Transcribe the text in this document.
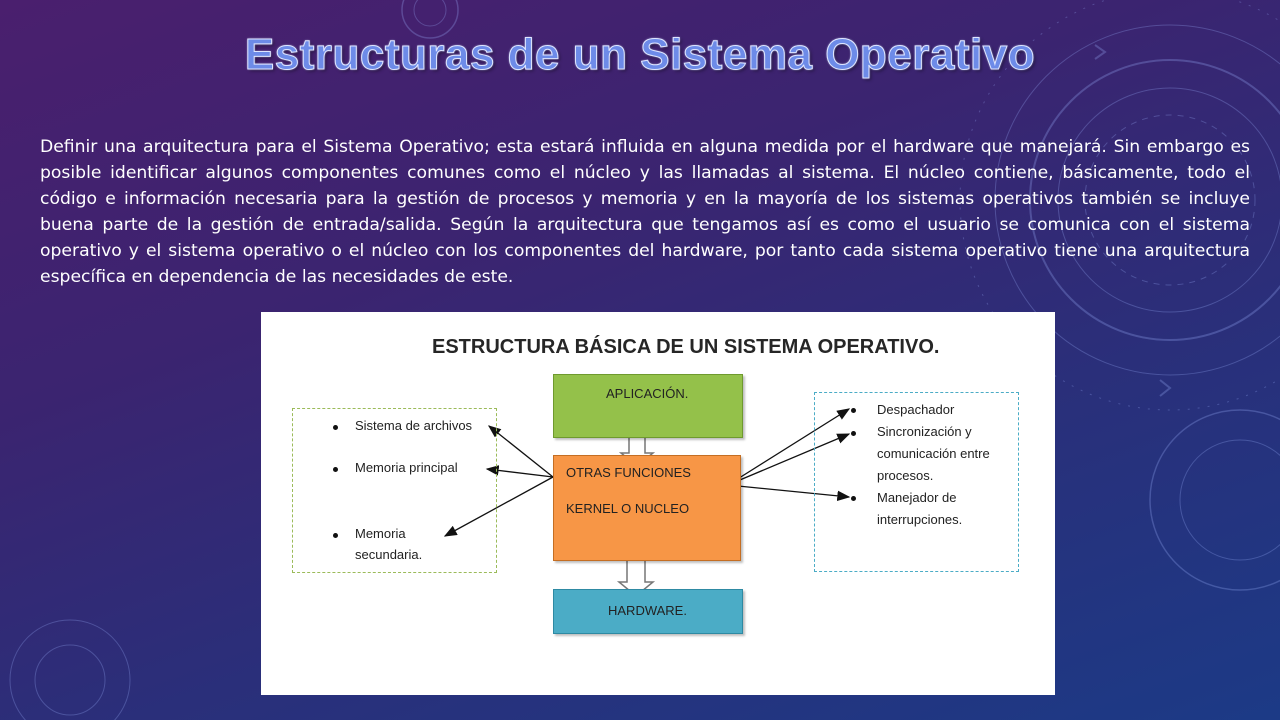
Estructuras de un Sistema Operativo

Definir una arquitectura para el Sistema Operativo; esta estará influida en alguna medida por el hardware que manejará. Sin embargo es posible identificar algunos componentes comunes como el núcleo y las llamadas al sistema. El núcleo contiene, básicamente, todo el código e información necesaria para la gestión de procesos y memoria y en la mayoría de los sistemas operativos también se incluye buena parte de la gestión de entrada/salida. Según la arquitectura que tengamos así es como el usuario se comunica con el sistema operativo y el sistema operativo o el núcleo con los componentes del hardware, por tanto cada sistema operativo tiene una arquitectura específica en dependencia de las necesidades de este.

ESTRUCTURA BÁSICA DE UN SISTEMA OPERATIVO.
APLICACIÓN.
OTRAS FUNCIONES
KERNEL O NUCLEO
HARDWARE.
Sistema de archivos
Memoria principal
Memoria
secundaria.
Despachador
Sincronización y
comunicación entre
procesos.
Manejador de
interrupciones.
